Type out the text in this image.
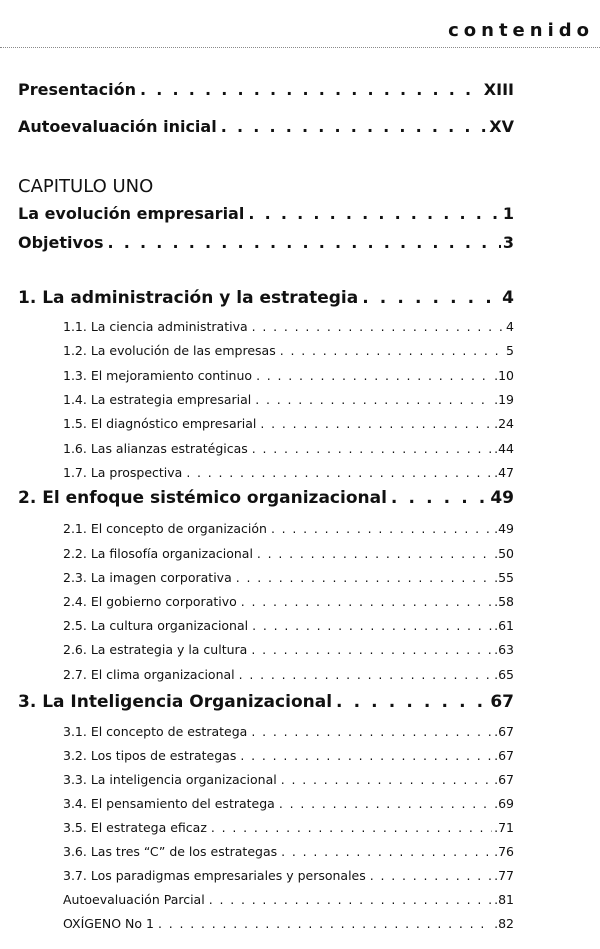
contenido
Presentación . . .	XIII
Autoevaluación inicial . . .	XV
CAPITULO UNO
La evolución empresarial . . .	1
Objetivos . . .	3
1. La administración y la estrategia . . .	4
1.1. La ciencia administrativa . . .	4
1.2. La evolución de las empresas . . .	5
1.3. El mejoramiento continuo . . .	.10
1.4. La estrategia empresarial . . .	.19
1.5. El diagnóstico empresarial . . .	.24
1.6. Las alianzas estratégicas . . .	.44
1.7. La prospectiva . . .	.47
2. El enfoque sistémico organizacional . . .	49
2.1. El concepto de organización . . .	.49
2.2. La filosofía organizacional . . .	.50
2.3. La imagen corporativa . . .	.55
2.4. El gobierno corporativo . . .	.58
2.5. La cultura organizacional . . .	.61
2.6. La estrategia y la cultura . . .	.63
2.7. El clima organizacional . . .	.65
3. La Inteligencia Organizacional . . .	67
3.1. El concepto de estratega . . .	.67
3.2. Los tipos de estrategas . . .	.67
3.3. La inteligencia organizacional . . .	.67
3.4. El pensamiento del estratega . . .	.69
3.5. El estratega eficaz . . .	.71
3.6. Las tres “C” de los estrategas . . .	.76
3.7. Los paradigmas empresariales y personales . . .	.77
Autoevaluación Parcial . . .	.81
OXÍGENO No 1 . . .	.82
